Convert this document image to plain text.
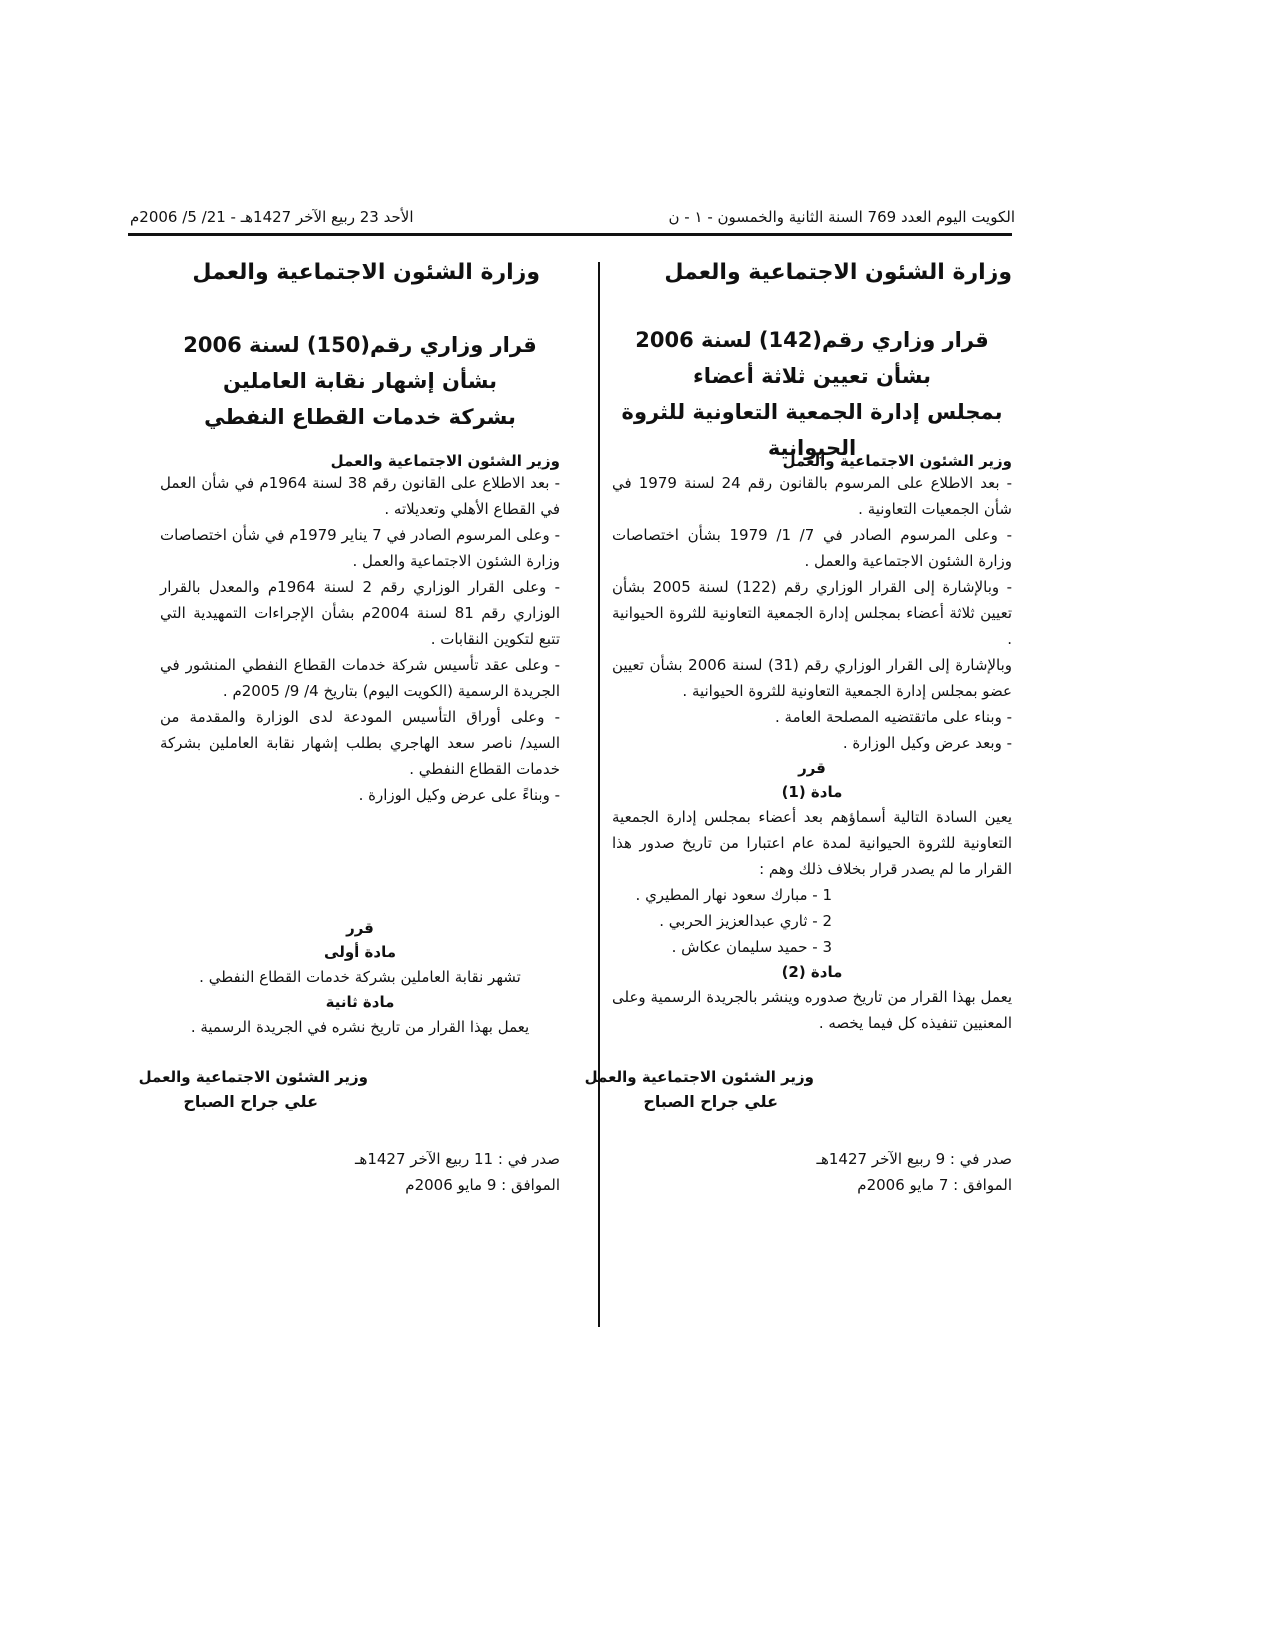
الكويت اليوم العدد 769 السنة الثانية والخمسون - ١ - ن
الأحد 23 ربيع الآخر 1427هـ - 21/ 5/ 2006م
وزارة الشئون الاجتماعية والعمل
قرار وزاري رقم(142) لسنة 2006
بشأن تعيين ثلاثة أعضاء
بمجلس إدارة الجمعية التعاونية للثروة الحيوانية

وزير الشئون الاجتماعية والعمل

- بعد الاطلاع على المرسوم بالقانون رقم 24 لسنة 1979 في شأن الجمعيات التعاونية .

- وعلى المرسوم الصادر في 7/ 1/ 1979 بشأن اختصاصات وزارة الشئون الاجتماعية والعمل .

- وبالإشارة إلى القرار الوزاري رقم (122) لسنة 2005 بشأن تعيين ثلاثة أعضاء بمجلس إدارة الجمعية التعاونية للثروة الحيوانية .

وبالإشارة إلى القرار الوزاري رقم (31) لسنة 2006 بشأن تعيين عضو بمجلس إدارة الجمعية التعاونية للثروة الحيوانية .

- وبناء على ماتقتضيه المصلحة العامة .

- وبعد عرض وكيل الوزارة .

قرر

مادة (1)

يعين السادة التالية أسماؤهم بعد أعضاء بمجلس إدارة الجمعية التعاونية للثروة الحيوانية لمدة عام اعتبارا من تاريخ صدور هذا القرار ما لم يصدر قرار بخلاف ذلك وهم :

1 - مبارك سعود نهار المطيري .

2 - ثاري عبدالعزيز الحربي .

3 - حميد سليمان عكاش .

مادة (2)

يعمل بهذا القرار من تاريخ صدوره وينشر بالجريدة الرسمية وعلى المعنيين تنفيذه كل فيما يخصه .

وزير الشئون الاجتماعية والعمل

علي جراح الصباح

صدر في : 9 ربيع الآخر 1427هـ

الموافق : 7 مايو 2006م

وزارة الشئون الاجتماعية والعمل
قرار وزاري رقم(150) لسنة 2006
بشأن إشهار نقابة العاملين
بشركة خدمات القطاع النفطي

وزير الشئون الاجتماعية والعمل

- بعد الاطلاع على القانون رقم 38 لسنة 1964م في شأن العمل في القطاع الأهلي وتعديلاته .

- وعلى المرسوم الصادر في 7 يناير 1979م في شأن اختصاصات وزارة الشئون الاجتماعية والعمل .

- وعلى القرار الوزاري رقم 2 لسنة 1964م والمعدل بالقرار الوزاري رقم 81 لسنة 2004م بشأن الإجراءات التمهيدية التي تتبع لتكوين النقابات .

- وعلى عقد تأسيس شركة خدمات القطاع النفطي المنشور في الجريدة الرسمية (الكويت اليوم) بتاريخ 4/ 9/ 2005م .

- وعلى أوراق التأسيس المودعة لدى الوزارة والمقدمة من السيد/ ناصر سعد الهاجري بطلب إشهار نقابة العاملين بشركة خدمات القطاع النفطي .

- وبناءً على عرض وكيل الوزارة .

قرر

مادة أولى

تشهر نقابة العاملين بشركة خدمات القطاع النفطي .

مادة ثانية

يعمل بهذا القرار من تاريخ نشره في الجريدة الرسمية .

وزير الشئون الاجتماعية والعمل

علي جراح الصباح

صدر في : 11 ربيع الآخر 1427هـ

الموافق : 9 مايو 2006م
